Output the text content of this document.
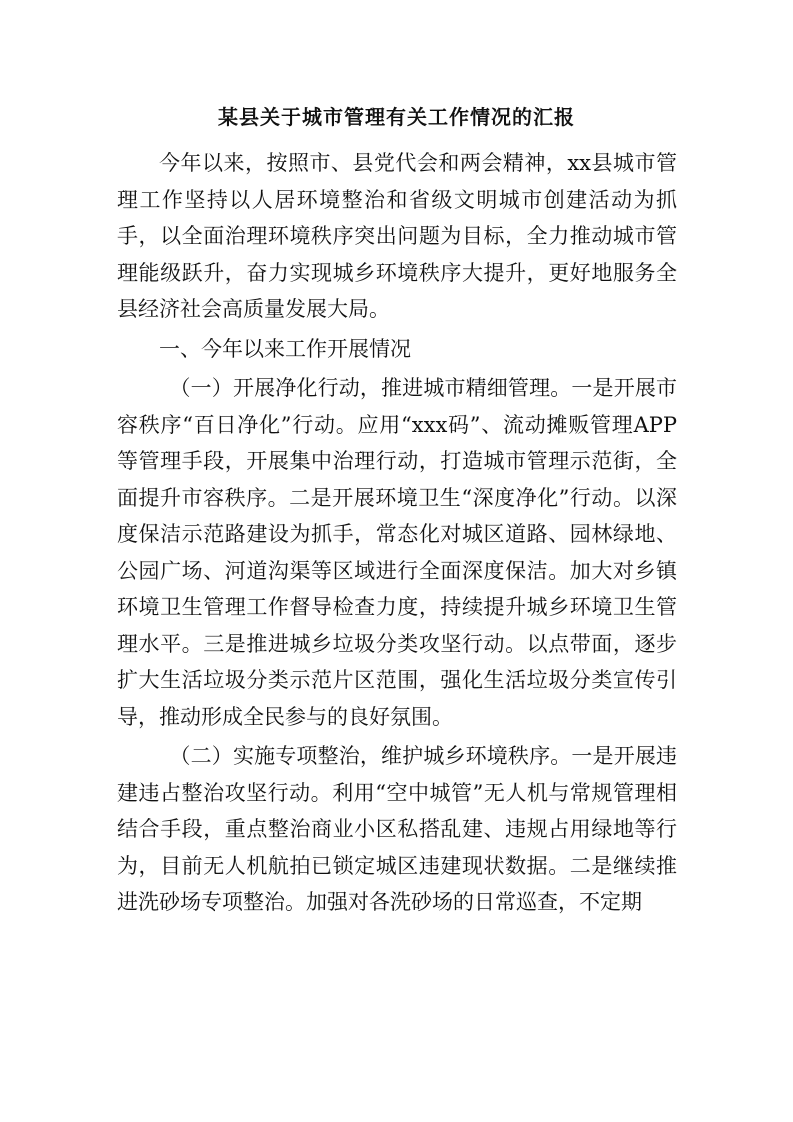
某县关于城市管理有关工作情况的汇报

今年以来，按照市、县党代会和两会精神，xx县城市管理工作坚持以人居环境整治和省级文明城市创建活动为抓手，以全面治理环境秩序突出问题为目标，全力推动城市管理能级跃升，奋力实现城乡环境秩序大提升，更好地服务全县经济社会高质量发展大局。

一、今年以来工作开展情况

（一）开展净化行动，推进城市精细管理。一是开展市容秩序“百日净化”行动。应用“xxx码”、流动摊贩管理APP等管理手段，开展集中治理行动，打造城市管理示范街，全面提升市容秩序。二是开展环境卫生“深度净化”行动。以深度保洁示范路建设为抓手，常态化对城区道路、园林绿地、公园广场、河道沟渠等区域进行全面深度保洁。加大对乡镇环境卫生管理工作督导检查力度，持续提升城乡环境卫生管理水平。三是推进城乡垃圾分类攻坚行动。以点带面，逐步扩大生活垃圾分类示范片区范围，强化生活垃圾分类宣传引导，推动形成全民参与的良好氛围。

（二）实施专项整治，维护城乡环境秩序。一是开展违建违占整治攻坚行动。利用“空中城管”无人机与常规管理相结合手段，重点整治商业小区私搭乱建、违规占用绿地等行为，目前无人机航拍已锁定城区违建现状数据。二是继续推进洗砂场专项整治。加强对各洗砂场的日常巡查，不定期
